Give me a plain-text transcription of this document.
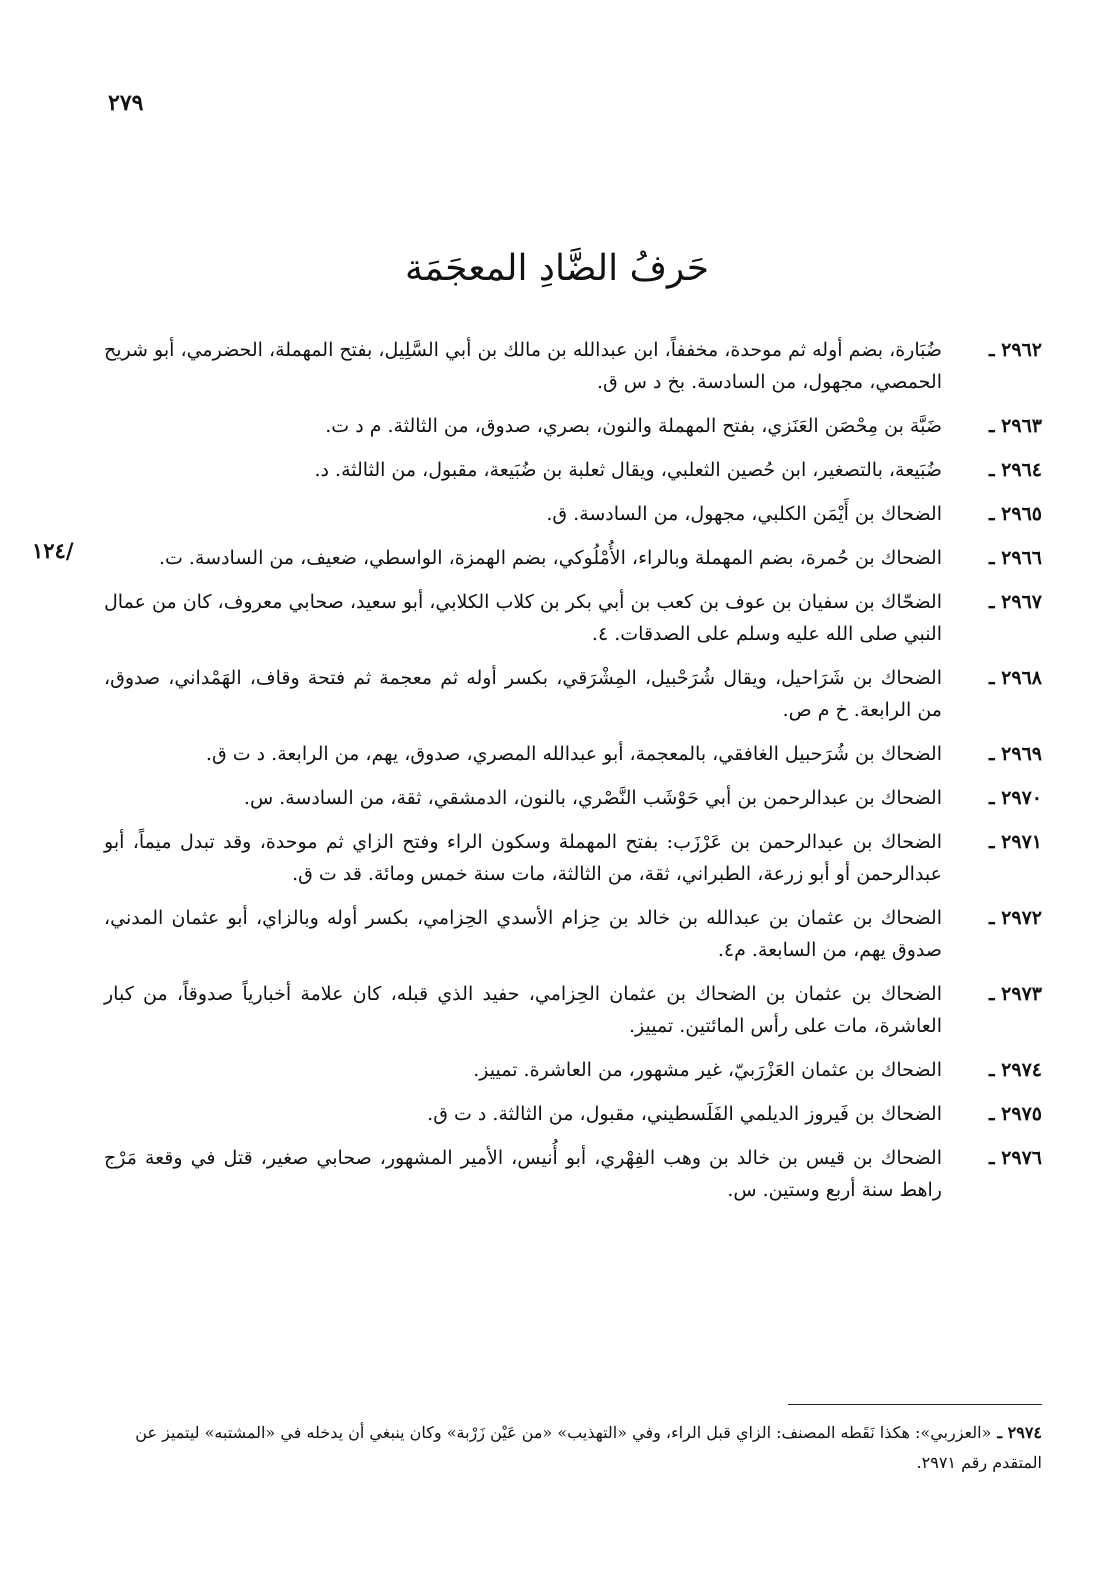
٢٧٩
/١٢٤
حَرفُ الضَّادِ المعجَمَة
٢٩٦٢ ـ
ضُبَارة، بضم أوله ثم موحدة، مخففاً، ابن عبدالله بن مالك بن أبي السَّلِيل، بفتح المهملة، الحضرمي، أبو شريح الحمصي، مجهول، من السادسة. بخ د س ق.
٢٩٦٣ ـ
ضَبَّة بن مِحْصَن العَنَزي، بفتح المهملة والنون، بصري، صدوق، من الثالثة. م د ت.
٢٩٦٤ ـ
ضُبَيعة، بالتصغير، ابن حُصين الثعلبي، ويقال ثعلبة بن ضُبَيعة، مقبول، من الثالثة. د.
٢٩٦٥ ـ
الضحاك بن أَيْمَن الكلبي، مجهول، من السادسة. ق.
٢٩٦٦ ـ
الضحاك بن حُمرة، بضم المهملة وبالراء، الأُمْلُوكي، بضم الهمزة، الواسطي، ضعيف، من السادسة. ت.
٢٩٦٧ ـ
الضحّاك بن سفيان بن عوف بن كعب بن أبي بكر بن كلاب الكلابي، أبو سعيد، صحابي معروف، كان من عمال النبي صلى الله عليه وسلم على الصدقات. ٤.
٢٩٦٨ ـ
الضحاك بن شَرَاحيل، ويقال شُرَحْبيل، المِشْرَقي، بكسر أوله ثم معجمة ثم فتحة وقاف، الهَمْداني، صدوق، من الرابعة. خ م ص.
٢٩٦٩ ـ
الضحاك بن شُرَحبيل الغافقي، بالمعجمة، أبو عبدالله المصري، صدوق، يهم، من الرابعة. د ت ق.
٢٩٧٠ ـ
الضحاك بن عبدالرحمن بن أبي حَوْشَب النَّصْري، بالنون، الدمشقي، ثقة، من السادسة. س.
٢٩٧١ ـ
الضحاك بن عبدالرحمن بن عَرْزَب: بفتح المهملة وسكون الراء وفتح الزاي ثم موحدة، وقد تبدل ميماً، أبو عبدالرحمن أو أبو زرعة، الطبراني، ثقة، من الثالثة، مات سنة خمس ومائة. قد ت ق.
٢٩٧٢ ـ
الضحاك بن عثمان بن عبدالله بن خالد بن حِزام الأسدي الحِزامي، بكسر أوله وبالزاي، أبو عثمان المدني، صدوق يهم، من السابعة. م٤.
٢٩٧٣ ـ
الضحاك بن عثمان بن الضحاك بن عثمان الحِزامي، حفيد الذي قبله، كان علامة أخبارياً صدوقاً، من كبار العاشرة، مات على رأس المائتين. تمييز.
٢٩٧٤ ـ
الضحاك بن عثمان العَزْرَبيّ، غير مشهور، من العاشرة. تمييز.
٢٩٧٥ ـ
الضحاك بن فَيروز الديلمي الفَلَسطيني، مقبول، من الثالثة. د ت ق.
٢٩٧٦ ـ
الضحاك بن قيس بن خالد بن وهب الفِهْري، أبو أُنيس، الأمير المشهور، صحابي صغير، قتل في وقعة مَرْج راهط سنة أربع وستين. س.
٢٩٧٤ ـ«العزربي»: هكذا نَقَطه المصنف: الزاي قبل الراء، وفي «التهذيب» «من عَيْن زَرْبة» وكان ينبغي أن يدخله في «المشتبه» ليتميز عن المتقدم رقم ٢٩٧١.
